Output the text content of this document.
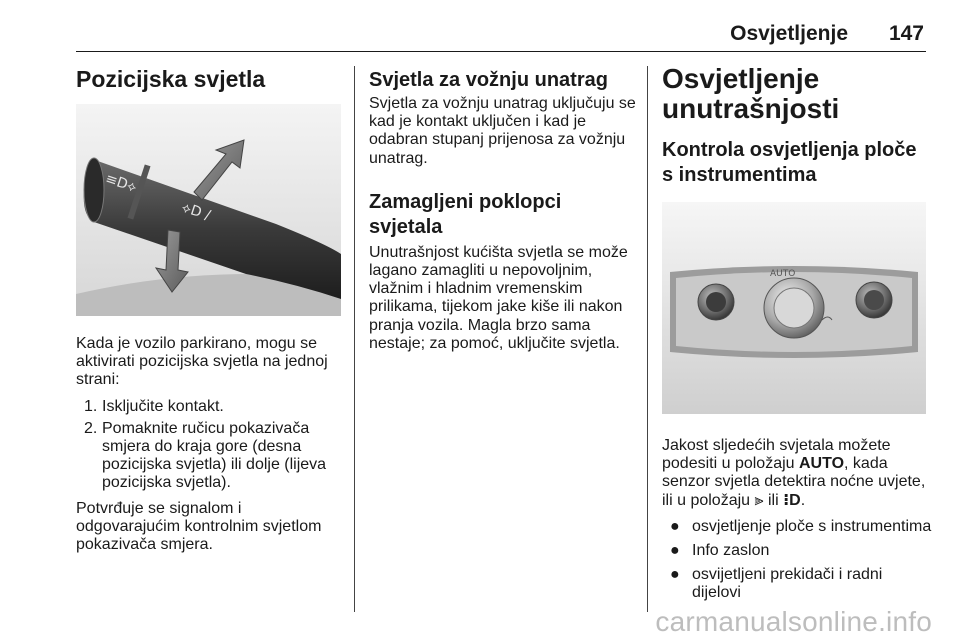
Osvjetljenje 147
Pozicijska svjetla
≡D⟡
⟡D /

Kada je vozilo parkirano, mogu se aktivirati pozicijska svjetla na jednoj strani:

1. Isključite kontakt.
2. Pomaknite ručicu pokazivača smjera do kraja gore (desna pozicijska svjetla) ili dolje (lijeva pozicijska svjetla).

Potvrđuje se signalom i odgovarajućim kontrolnim svjetlom pokazivača smjera.

Svjetla za vožnju unatrag

Svjetla za vožnju unatrag uključuju se kad je kontakt uključen i kad je odabran stupanj prijenosa za vožnju unatrag.

Zamagljeni poklopci svjetala

Unutrašnjost kućišta svjetla se može lagano zamagliti u nepovoljnim, vlažnim i hladnim vremenskim prilikama, tijekom jake kiše ili nakon pranja vozila. Magla brzo sama nestaje; za pomoć, uključite svjetla.

Osvjetljenje unutrašnjosti
Kontrola osvjetljenja ploče s instrumentima
AUTO

Jakost sljedećih svjetala možete podesiti u položaju AUTO, kada senzor svjetla detektira noćne uvjete, ili u položaju ⫸ ili ⁝D.

● osvjetljenje ploče s instrumentima
● Info zaslon
● osvijetljeni prekidači i radni dijelovi
carmanualsonline.info
